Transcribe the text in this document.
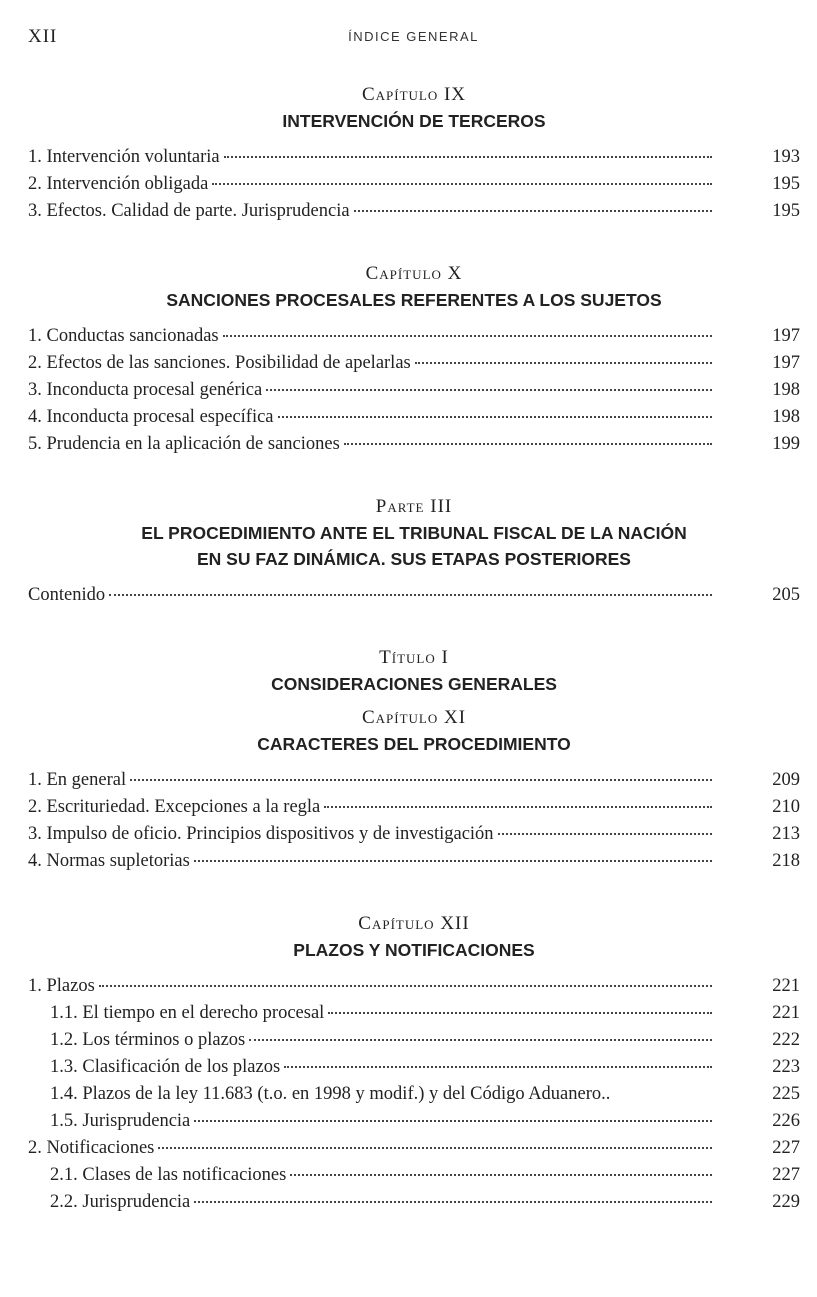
XII	ÍNDICE GENERAL
Capítulo IX
INTERVENCIÓN DE TERCEROS
1. Intervención voluntaria	193
2. Intervención obligada	195
3. Efectos. Calidad de parte. Jurisprudencia	195
Capítulo X
SANCIONES PROCESALES REFERENTES A LOS SUJETOS
1. Conductas sancionadas	197
2. Efectos de las sanciones. Posibilidad de apelarlas	197
3. Inconducta procesal genérica	198
4. Inconducta procesal específica	198
5. Prudencia en la aplicación de sanciones	199
Parte III
EL PROCEDIMIENTO ANTE EL TRIBUNAL FISCAL DE LA NACIÓN
EN SU FAZ DINÁMICA. SUS ETAPAS POSTERIORES
Contenido	205
Título I
CONSIDERACIONES GENERALES
Capítulo XI
CARACTERES DEL PROCEDIMIENTO
1. En general	209
2. Escrituriedad. Excepciones a la regla	210
3. Impulso de oficio. Principios dispositivos y de investigación	213
4. Normas supletorias	218
Capítulo XII
PLAZOS Y NOTIFICACIONES
1. Plazos	221
1.1. El tiempo en el derecho procesal	221
1.2. Los términos o plazos	222
1.3. Clasificación de los plazos	223
1.4. Plazos de la ley 11.683 (t.o. en 1998 y modif.) y del Código Aduanero..	225
1.5. Jurisprudencia	226
2. Notificaciones	227
2.1. Clases de las notificaciones	227
2.2. Jurisprudencia	229
